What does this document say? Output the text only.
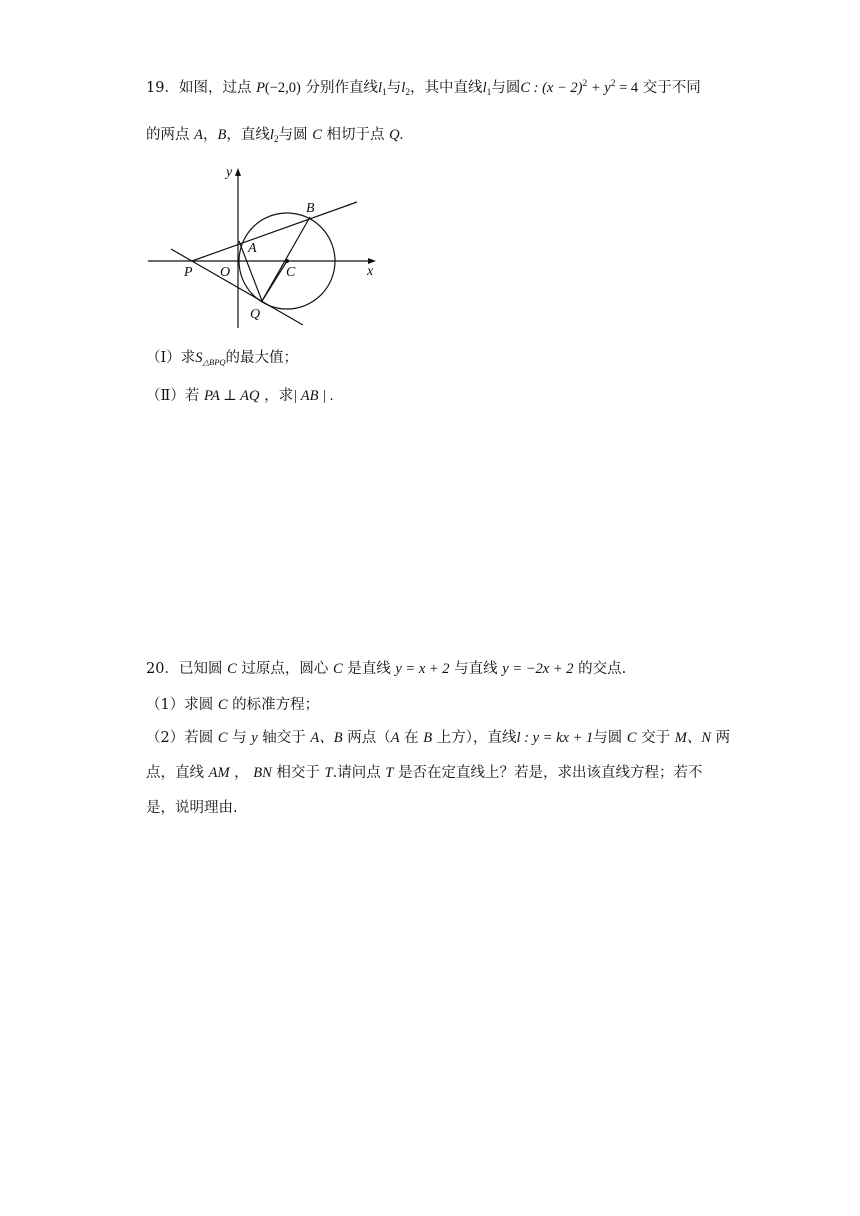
19．如图，过点 P(−2,0) 分别作直线$l_1$与$l_2$，其中直线$l_1$与圆C : $(x - 2)^2 + y^2 = 4$ 交于不同
的两点 A，B，直线$l_2$与圆 C 相切于点 Q.
y
x
P O
A
B
C
Q
（Ⅰ）求$S_{\triangle BPQ}$的最大值；
（Ⅱ）若 PA ⊥ AQ ，求| AB | .
20．已知圆 C 过原点，圆心 C 是直线 y = x + 2 与直线 y = −2x + 2 的交点.
（1）求圆 C 的标准方程；
（2）若圆 C 与 y 轴交于 A、B 两点（A 在 B 上方），直线l : y = kx + 1与圆 C 交于 M、N 两
点，直线 AM ， BN 相交于 T.请问点 T 是否在定直线上？若是，求出该直线方程；若不
是，说明理由.
